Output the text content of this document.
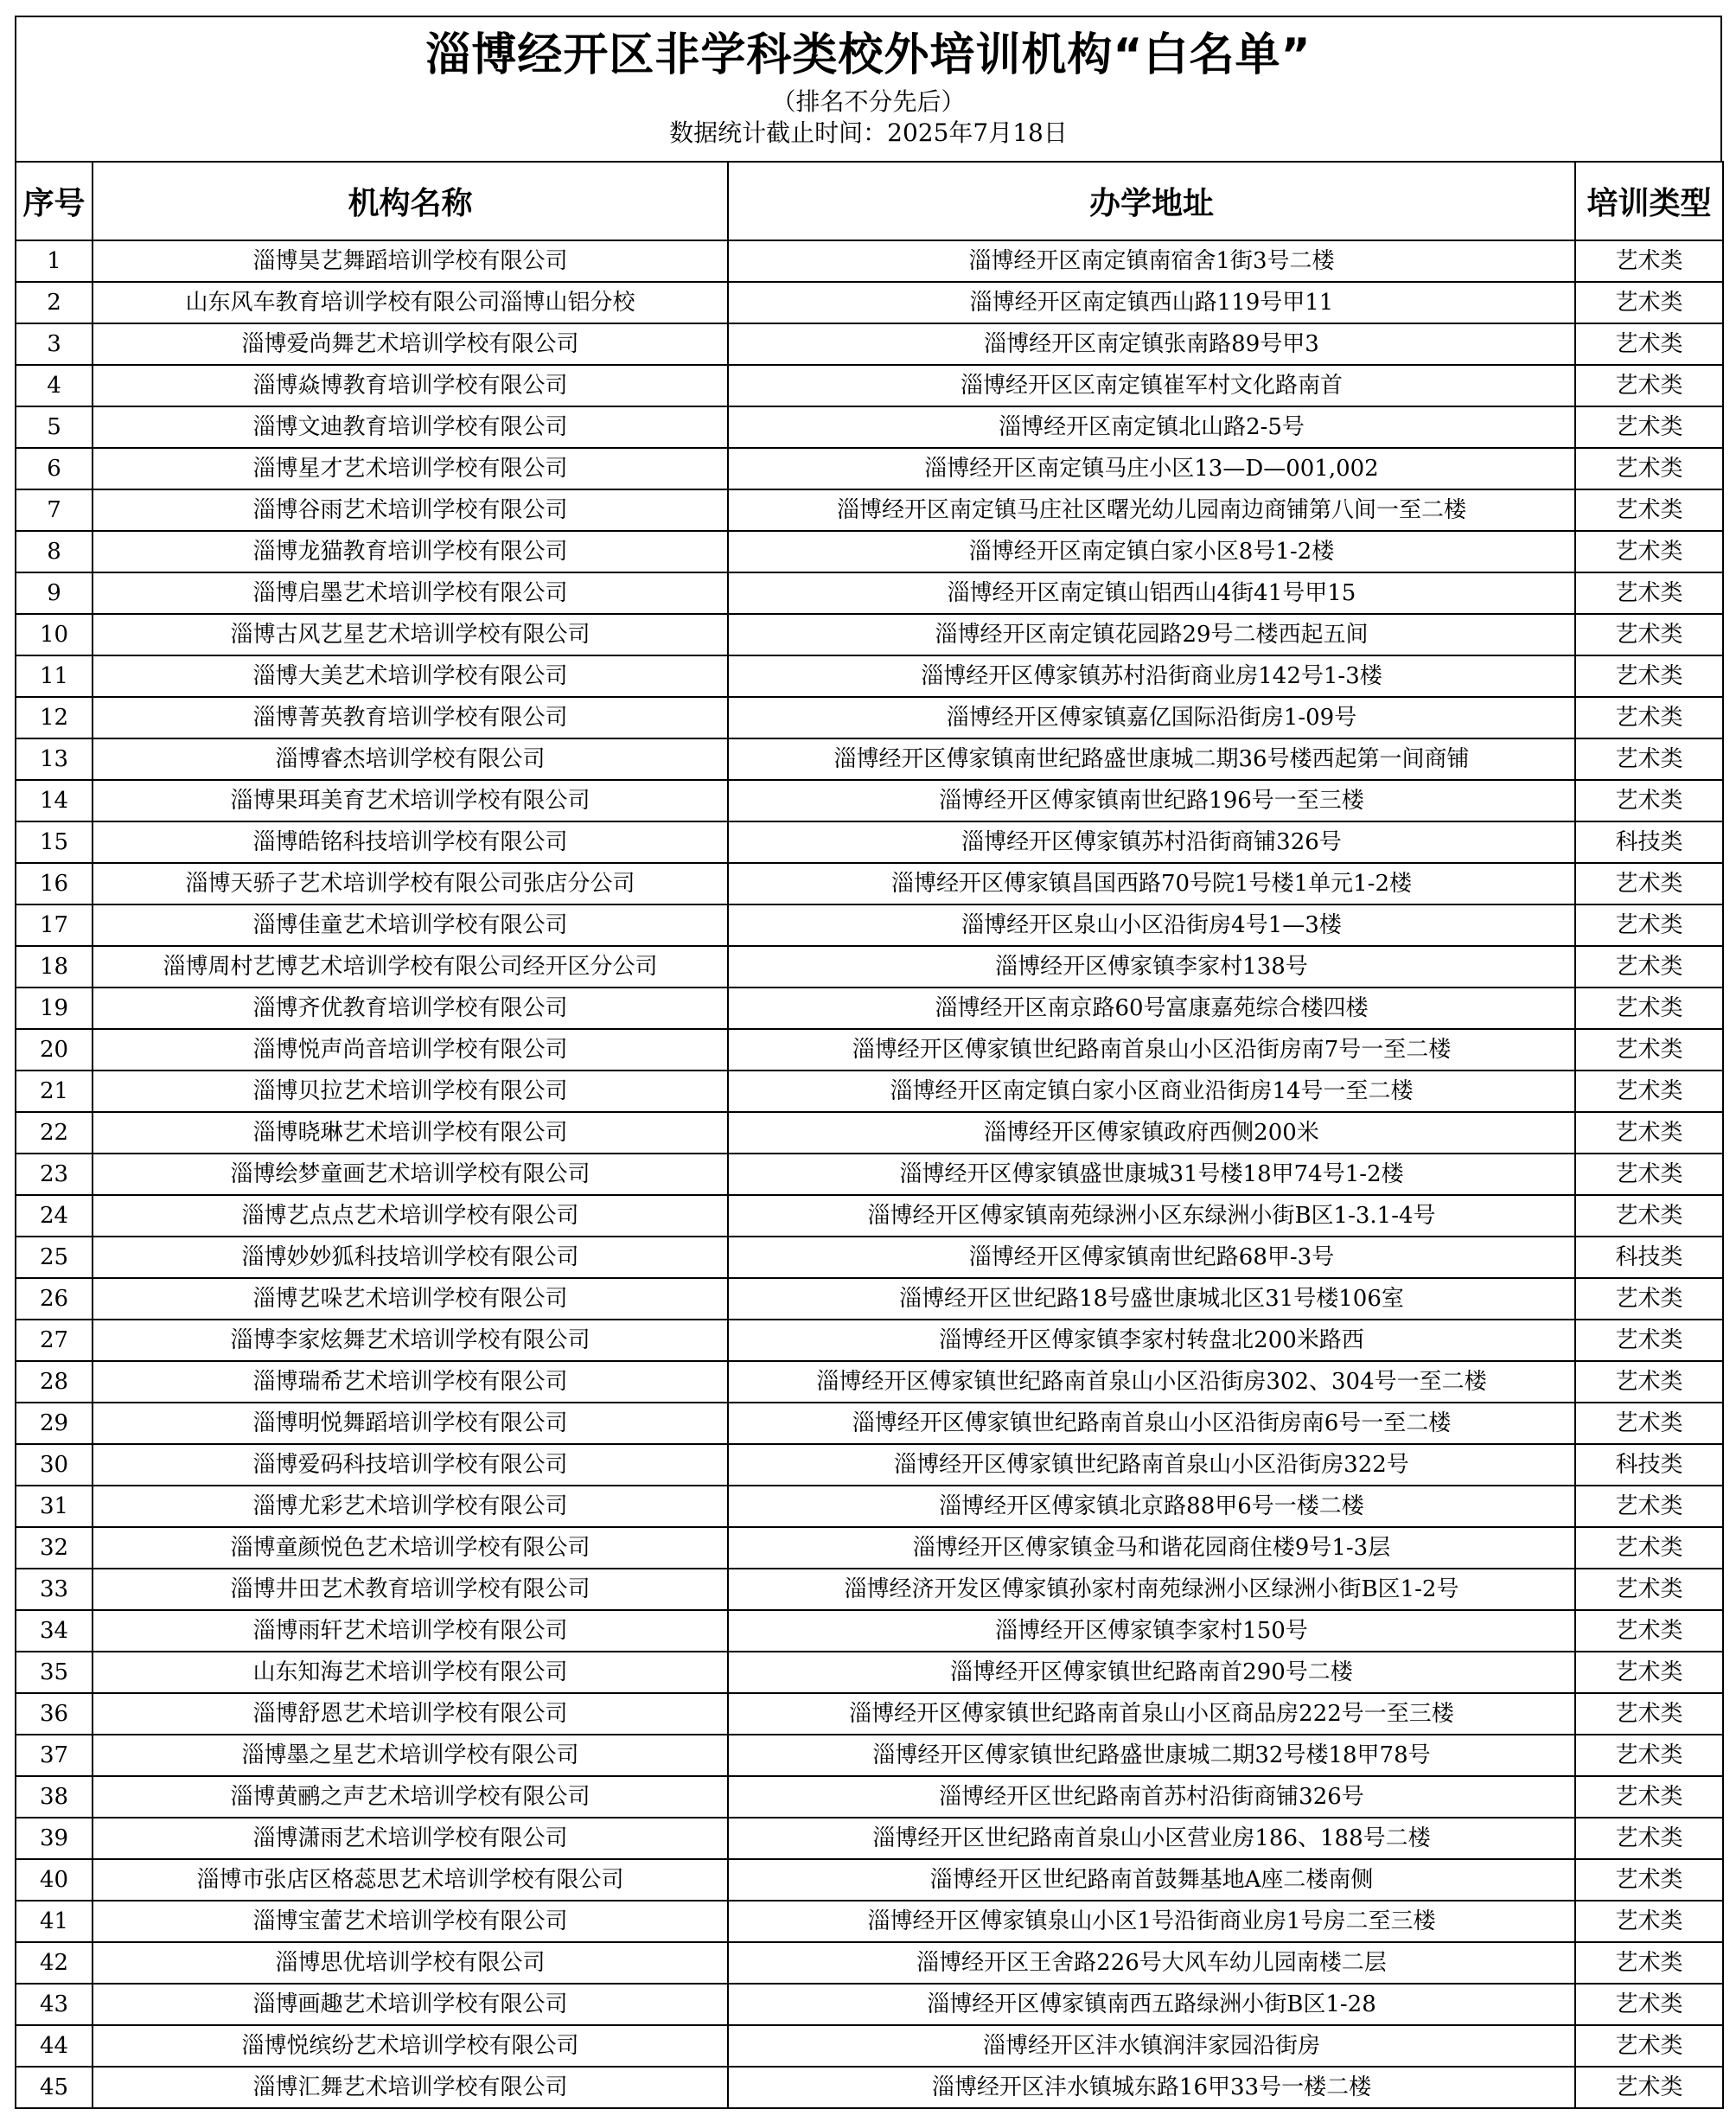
淄博经开区非学科类校外培训机构“白名单”
（排名不分先后）
数据统计截止时间：2025年7月18日
序号	机构名称	办学地址	培训类型
1	淄博昊艺舞蹈培训学校有限公司	淄博经开区南定镇南宿舍1街3号二楼	艺术类
2	山东风车教育培训学校有限公司淄博山铝分校	淄博经开区南定镇西山路119号甲11	艺术类
3	淄博爱尚舞艺术培训学校有限公司	淄博经开区南定镇张南路89号甲3	艺术类
4	淄博焱博教育培训学校有限公司	淄博经开区区南定镇崔军村文化路南首	艺术类
5	淄博文迪教育培训学校有限公司	淄博经开区南定镇北山路2-5号	艺术类
6	淄博星才艺术培训学校有限公司	淄博经开区南定镇马庄小区13—D—001,002	艺术类
7	淄博谷雨艺术培训学校有限公司	淄博经开区南定镇马庄社区曙光幼儿园南边商铺第八间一至二楼	艺术类
8	淄博龙猫教育培训学校有限公司	淄博经开区南定镇白家小区8号1-2楼	艺术类
9	淄博启墨艺术培训学校有限公司	淄博经开区南定镇山铝西山4街41号甲15	艺术类
10	淄博古风艺星艺术培训学校有限公司	淄博经开区南定镇花园路29号二楼西起五间	艺术类
11	淄博大美艺术培训学校有限公司	淄博经开区傅家镇苏村沿街商业房142号1-3楼	艺术类
12	淄博菁英教育培训学校有限公司	淄博经开区傅家镇嘉亿国际沿街房1-09号	艺术类
13	淄博睿杰培训学校有限公司	淄博经开区傅家镇南世纪路盛世康城二期36号楼西起第一间商铺	艺术类
14	淄博果珥美育艺术培训学校有限公司	淄博经开区傅家镇南世纪路196号一至三楼	艺术类
15	淄博皓铭科技培训学校有限公司	淄博经开区傅家镇苏村沿街商铺326号	科技类
16	淄博天骄子艺术培训学校有限公司张店分公司	淄博经开区傅家镇昌国西路70号院1号楼1单元1-2楼	艺术类
17	淄博佳童艺术培训学校有限公司	淄博经开区泉山小区沿街房4号1—3楼	艺术类
18	淄博周村艺博艺术培训学校有限公司经开区分公司	淄博经开区傅家镇李家村138号	艺术类
19	淄博齐优教育培训学校有限公司	淄博经开区南京路60号富康嘉苑综合楼四楼	艺术类
20	淄博悦声尚音培训学校有限公司	淄博经开区傅家镇世纪路南首泉山小区沿街房南7号一至二楼	艺术类
21	淄博贝拉艺术培训学校有限公司	淄博经开区南定镇白家小区商业沿街房14号一至二楼	艺术类
22	淄博晓琳艺术培训学校有限公司	淄博经开区傅家镇政府西侧200米	艺术类
23	淄博绘梦童画艺术培训学校有限公司	淄博经开区傅家镇盛世康城31号楼18甲74号1-2楼	艺术类
24	淄博艺点点艺术培训学校有限公司	淄博经开区傅家镇南苑绿洲小区东绿洲小街B区1-3.1-4号	艺术类
25	淄博妙妙狐科技培训学校有限公司	淄博经开区傅家镇南世纪路68甲-3号	科技类
26	淄博艺哚艺术培训学校有限公司	淄博经开区世纪路18号盛世康城北区31号楼106室	艺术类
27	淄博李家炫舞艺术培训学校有限公司	淄博经开区傅家镇李家村转盘北200米路西	艺术类
28	淄博瑞希艺术培训学校有限公司	淄博经开区傅家镇世纪路南首泉山小区沿街房302、304号一至二楼	艺术类
29	淄博明悦舞蹈培训学校有限公司	淄博经开区傅家镇世纪路南首泉山小区沿街房南6号一至二楼	艺术类
30	淄博爱码科技培训学校有限公司	淄博经开区傅家镇世纪路南首泉山小区沿街房322号	科技类
31	淄博尤彩艺术培训学校有限公司	淄博经开区傅家镇北京路88甲6号一楼二楼	艺术类
32	淄博童颜悦色艺术培训学校有限公司	淄博经开区傅家镇金马和谐花园商住楼9号1-3层	艺术类
33	淄博井田艺术教育培训学校有限公司	淄博经济开发区傅家镇孙家村南苑绿洲小区绿洲小街B区1-2号	艺术类
34	淄博雨轩艺术培训学校有限公司	淄博经开区傅家镇李家村150号	艺术类
35	山东知海艺术培训学校有限公司	淄博经开区傅家镇世纪路南首290号二楼	艺术类
36	淄博舒恩艺术培训学校有限公司	淄博经开区傅家镇世纪路南首泉山小区商品房222号一至三楼	艺术类
37	淄博墨之星艺术培训学校有限公司	淄博经开区傅家镇世纪路盛世康城二期32号楼18甲78号	艺术类
38	淄博黄鹂之声艺术培训学校有限公司	淄博经开区世纪路南首苏村沿街商铺326号	艺术类
39	淄博潇雨艺术培训学校有限公司	淄博经开区世纪路南首泉山小区营业房186、188号二楼	艺术类
40	淄博市张店区格蕊思艺术培训学校有限公司	淄博经开区世纪路南首鼓舞基地A座二楼南侧	艺术类
41	淄博宝蕾艺术培训学校有限公司	淄博经开区傅家镇泉山小区1号沿街商业房1号房二至三楼	艺术类
42	淄博思优培训学校有限公司	淄博经开区王舍路226号大风车幼儿园南楼二层	艺术类
43	淄博画趣艺术培训学校有限公司	淄博经开区傅家镇南西五路绿洲小街B区1-28	艺术类
44	淄博悦缤纷艺术培训学校有限公司	淄博经开区沣水镇润沣家园沿街房	艺术类
45	淄博汇舞艺术培训学校有限公司	淄博经开区沣水镇城东路16甲33号一楼二楼	艺术类
